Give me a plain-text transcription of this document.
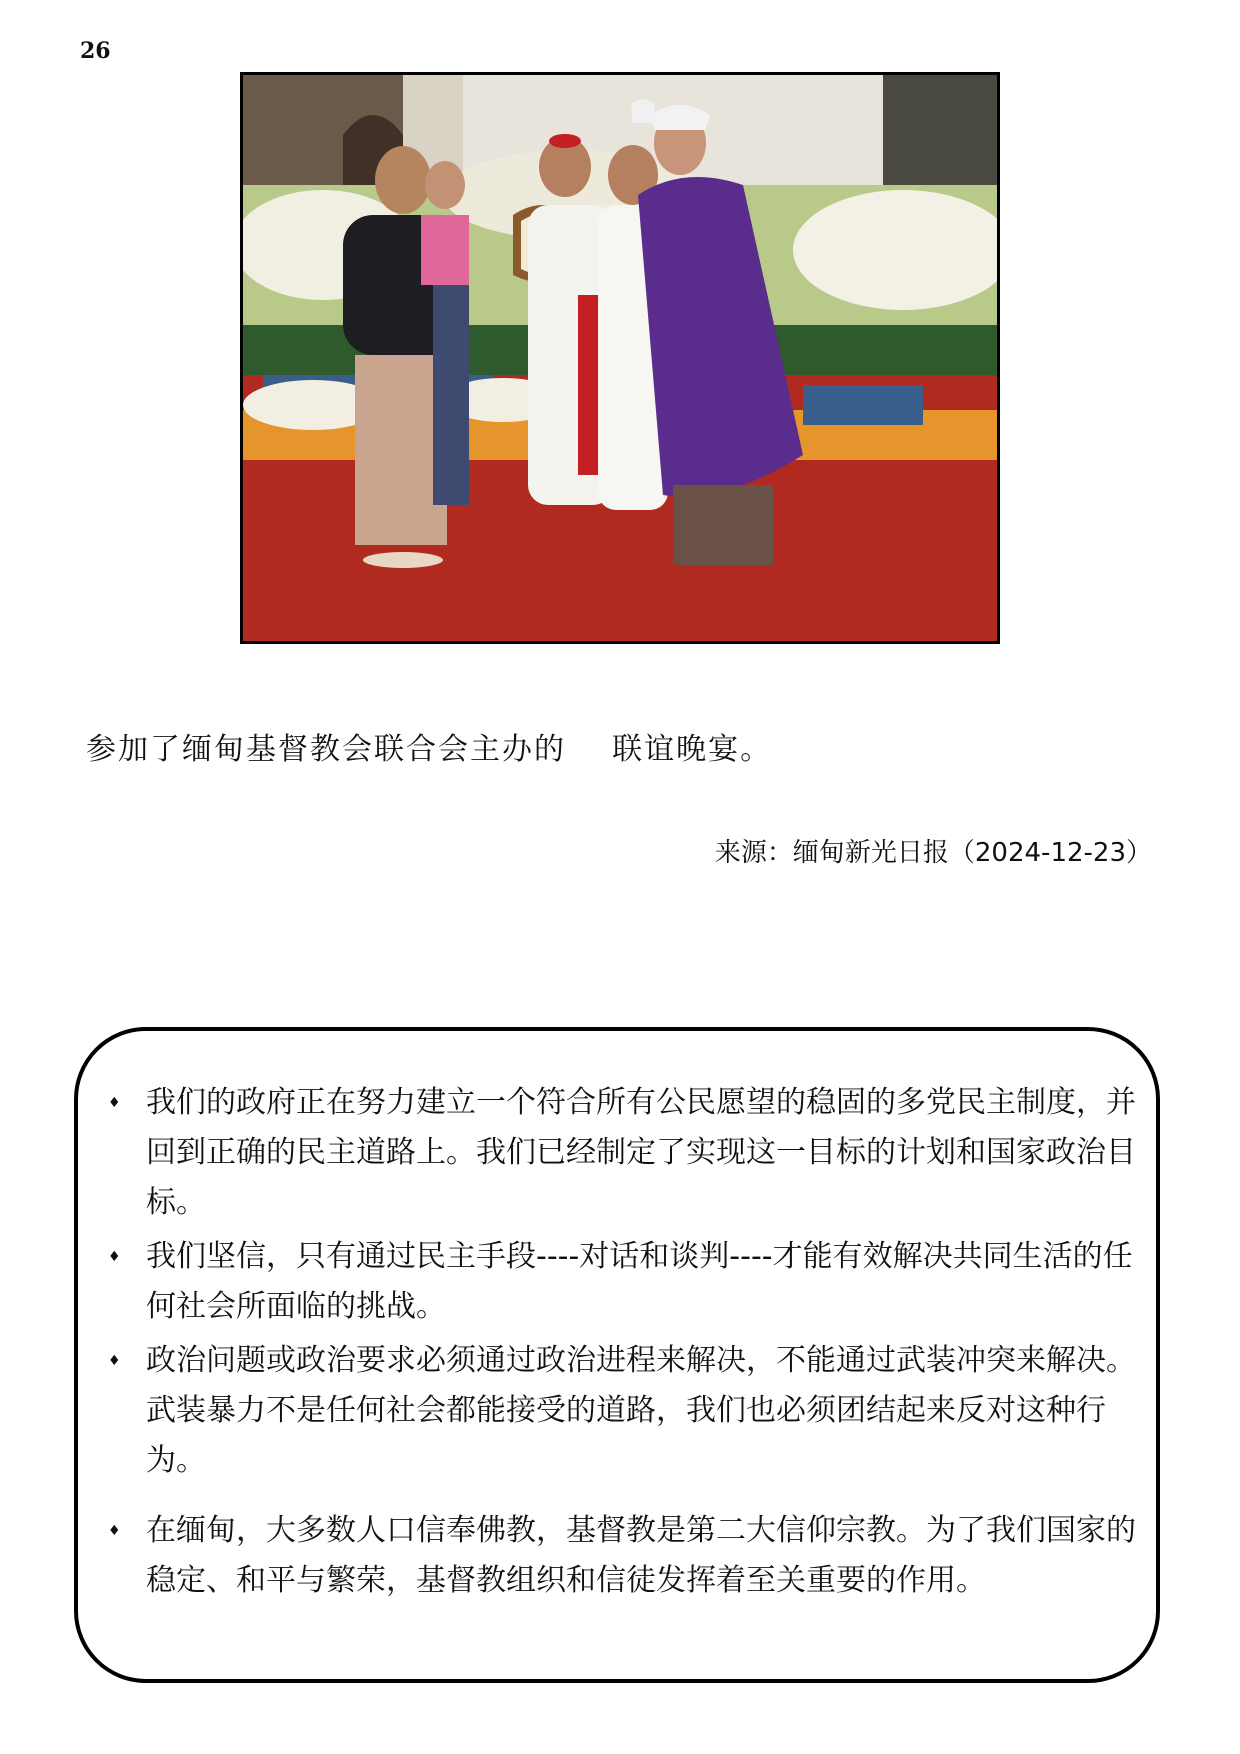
26
参加了缅甸基督教会联合会主办的    联谊晚宴。
来源：缅甸新光日报（2024-12-23）
♦ 我们的政府正在努力建立一个符合所有公民愿望的稳固的多党民主制度，并回到正确的民主道路上。我们已经制定了实现这一目标的计划和国家政治目标。
♦ 我们坚信，只有通过民主手段----对话和谈判----才能有效解决共同生活的任何社会所面临的挑战。
♦ 政治问题或政治要求必须通过政治进程来解决，不能通过武装冲突来解决。武装暴力不是任何社会都能接受的道路，我们也必须团结起来反对这种行为。
♦ 在缅甸，大多数人口信奉佛教，基督教是第二大信仰宗教。为了我们国家的稳定、和平与繁荣，基督教组织和信徒发挥着至关重要的作用。
